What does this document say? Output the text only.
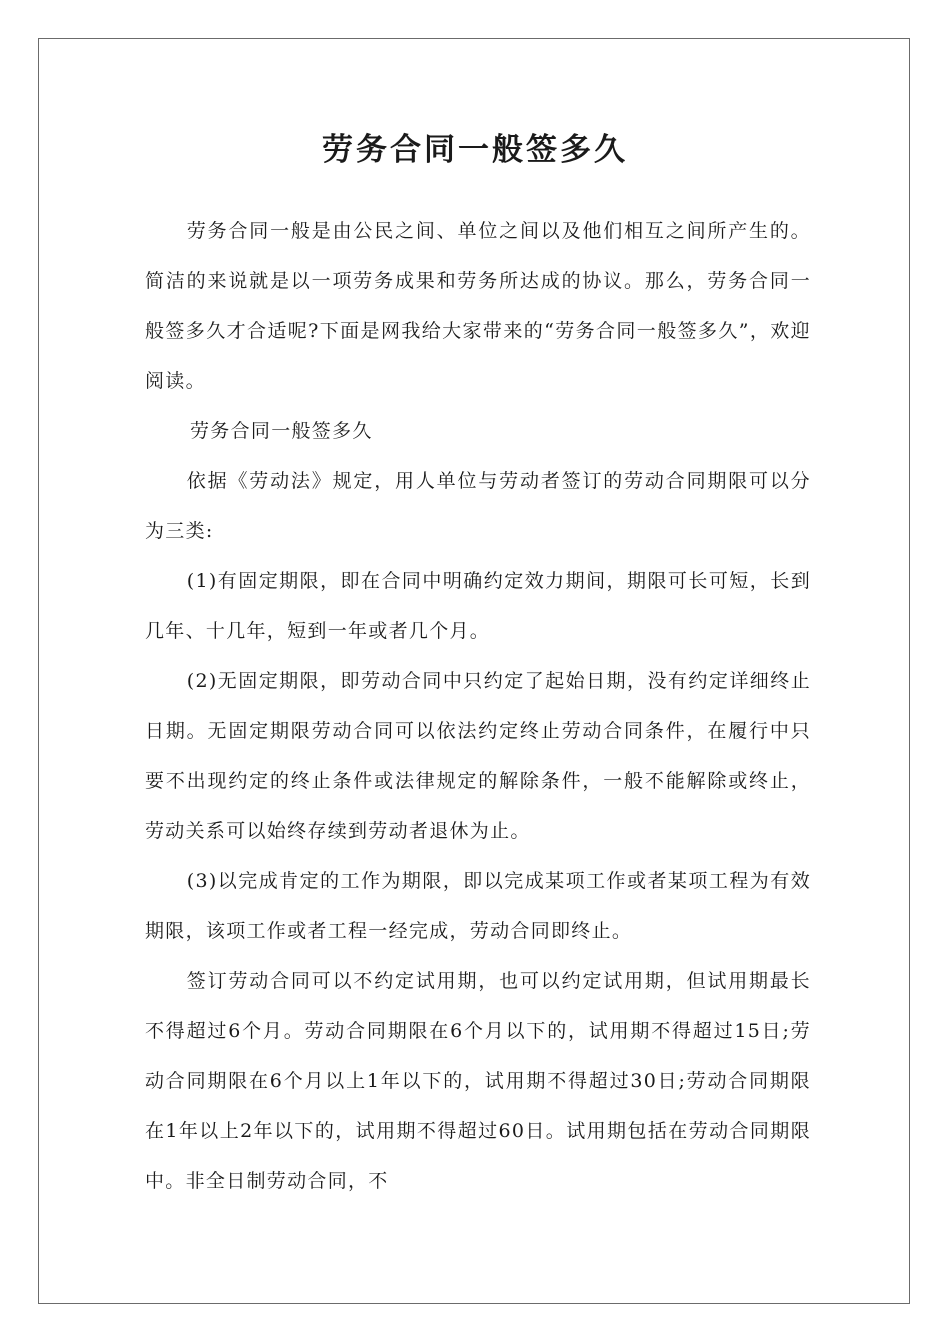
劳务合同一般签多久

劳务合同一般是由公民之间、单位之间以及他们相互之间所产生的。简洁的来说就是以一项劳务成果和劳务所达成的协议。那么，劳务合同一般签多久才合适呢?下面是网我给大家带来的“劳务合同一般签多久”，欢迎阅读。

劳务合同一般签多久

依据《劳动法》规定，用人单位与劳动者签订的劳动合同期限可以分为三类:

(1)有固定期限，即在合同中明确约定效力期间，期限可长可短，长到几年、十几年，短到一年或者几个月。

(2)无固定期限，即劳动合同中只约定了起始日期，没有约定详细终止日期。无固定期限劳动合同可以依法约定终止劳动合同条件，在履行中只要不出现约定的终止条件或法律规定的解除条件，一般不能解除或终止，劳动关系可以始终存续到劳动者退休为止。

(3)以完成肯定的工作为期限，即以完成某项工作或者某项工程为有效期限，该项工作或者工程一经完成，劳动合同即终止。

签订劳动合同可以不约定试用期，也可以约定试用期，但试用期最长不得超过6个月。劳动合同期限在6个月以下的，试用期不得超过15日;劳动合同期限在6个月以上1年以下的，试用期不得超过30日;劳动合同期限在1年以上2年以下的，试用期不得超过60日。试用期包括在劳动合同期限中。非全日制劳动合同，不
